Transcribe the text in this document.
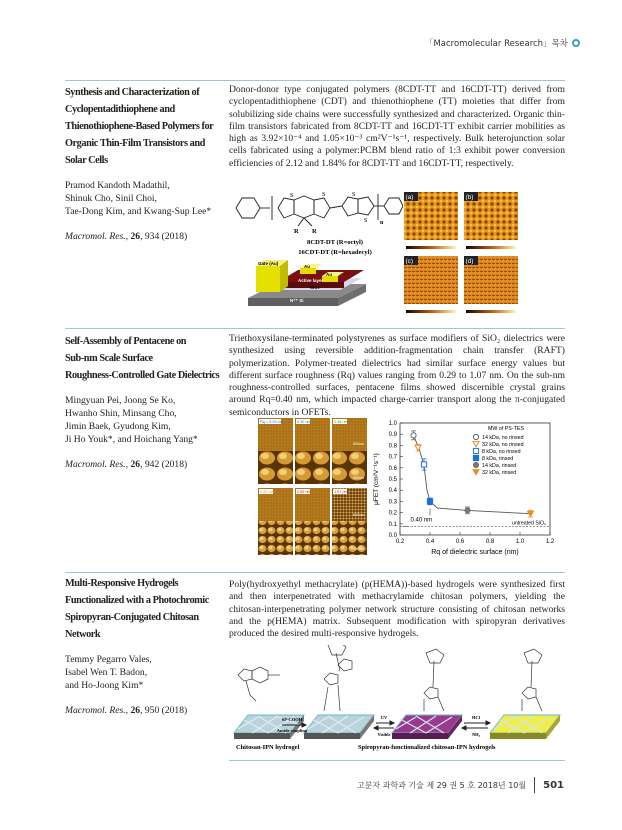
「Macromolecular Research」목차
Synthesis and Characterization of
Cyclopentadithiophene and
Thienothiophene-Based Polymers for
Organic Thin-Film Transistors and
Solar Cells
Pramod Kandoth Madathil,
Shinuk Cho, Sinil Choi,
Tae-Dong Kim, and Kwang-Sup Lee*
Macromol. Res., 26, 934 (2018)
Donor-donor type conjugated polymers (8CDT-TT and 16CDT-TT) derived from cyclopentadithiophene (CDT) and thienothiophene (TT) moieties that differ from solubilizing side chains were successfully synthesized and characterized. Organic thin-film transistors fabricated from 8CDT-TT and 16CDT-TT exhibit carrier mobilities as high as 3.92×10⁻⁴ and 1.05×10⁻³ cm²V⁻¹s⁻¹, respectively. Bulk heterojunction solar cells fabricated using a polymer:PCBM blend ratio of 1:3 exhibit power conversion efficiencies of 2.12 and 1.84% for 8CDT-TT and 16CDT-TT, respectively.
S	S	S
S n
R R
8CDT-DT (R=octyl)
16CDT-DT (R=hexadecyl)
Gate (Au)
Au
Au
Active layer
SiO₂
N⁺⁺ Si
(a)	(b)
(c)	(d)
Self-Assembly of Pentacene on
Sub-nm Scale Surface
Roughness-Controlled Gate Dielectrics
Mingyuan Pei, Joong Se Ko,
Hwanho Shin, Minsang Cho,
Jimin Baek, Gyudong Kim,
Ji Ho Youk*, and Hoichang Yang*
Macromol. Res., 26, 942 (2018)
Triethoxysilane-terminated polystyrenes as surface modifiers of SiO₂ dielectrics were synthesized using reversible addition-fragmentation chain transfer (RAFT) polymerization. Polymer-treated dielectrics had similar surface energy values but different surface roughness (Rq) values ranging from 0.29 to 1.07 nm. On the sub-nm roughness-controlled surfaces, pentacene films showed discernible crystal grains around Rq=0.40 nm, which impacted charge-carrier transport along the π-conjugated semiconductors in OFETs.
Rq = 0.29 nm	0.32 nm	0.36 nm
0.40 nm	0.65 nm	1.07 nm
500nm
500nm
500nm
500nm
0.0
0.1
0.2
0.3
0.4
0.5
0.6
0.7
0.8
0.9
1.0
0.2	0.4	0.6	0.8	1.0	1.2
14 kDa, no rinsed
32 kDa, no rinsed
8 kDa, no rinsed
8 kDa, rinsed
14 kDa, rinsed
32 kDa, rinsed
Rq of dielectric surface (nm)
μFET (cm²V⁻¹s⁻¹)
0.40 nm
untreated SiO₂
MW of PS-TES
Multi-Responsive Hydrogels
Functionalized with a Photochromic
Spiropyran-Conjugated Chitosan
Network
Temmy Pegarro Vales,
Isabel Wen T. Badon,
and Ho-Joong Kim*
Macromol. Res., 26, 950 (2018)
Poly(hydroxyethyl methacrylate) (p(HEMA))-based hydrogels were synthesized first and then interpenetrated with methacrylamide chitosan polymers, yielding the chitosan-interpenetrating polymer network structure consisting of chitosan networks and the p(HEMA) matrix. Subsequent modification with spiropyran derivatives produced the desired multi-responsive hydrogels.
SP-COOH
Amide coupling
UV
Visible
HCl
NH₃
Chitosan-IPN hydrogel	Spiropyran-functionalized chitosan-IPN hydrogels
고분자 과학과 기술 제 29 권 5 호 2018년 10월 501
